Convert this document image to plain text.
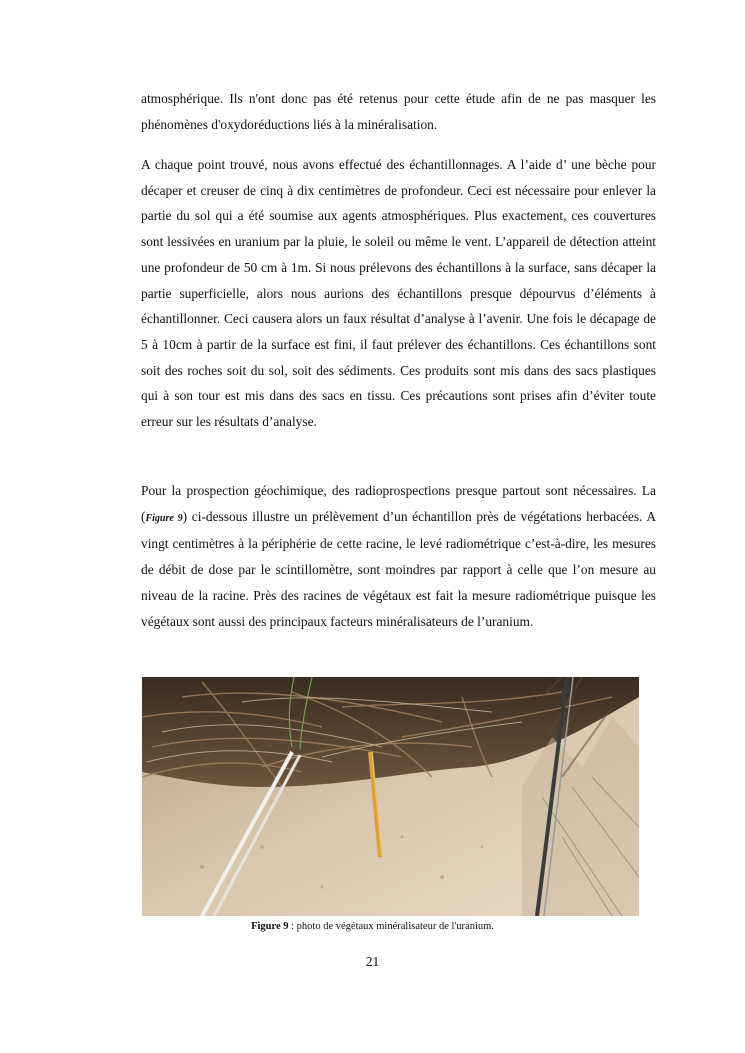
atmosphérique. Ils n'ont donc pas été retenus pour cette étude afin de ne pas masquer les phénomènes d'oxydoréductions liés à la minéralisation.

A chaque point trouvé, nous avons effectué des échantillonnages. A l’aide d’ une bèche pour décaper et creuser de cinq à dix centimètres de profondeur. Ceci est nécessaire pour enlever la partie du sol qui a été soumise aux agents atmosphériques. Plus exactement, ces couvertures sont lessivées en uranium par la pluie, le soleil ou même le vent. L’appareil de détection atteint une profondeur de 50 cm à 1m. Si nous prélevons des échantillons à la surface, sans décaper la partie superficielle, alors nous aurions des échantillons presque dépourvus d’éléments à échantillonner. Ceci causera alors un faux résultat d’analyse à l’avenir. Une fois le décapage de 5 à 10cm à partir de la surface est fini, il faut prélever des échantillons. Ces échantillons sont soit des roches soit du sol, soit des sédiments. Ces produits sont mis dans des sacs plastiques qui à son tour est mis dans des sacs en tissu. Ces précautions sont prises afin d’éviter toute erreur sur les résultats d’analyse.

Pour la prospection géochimique, des radioprospections presque partout sont nécessaires. La (Figure 9) ci-dessous illustre un prélèvement d’un échantillon près de végétations herbacées. A vingt centimètres à la périphérie de cette racine, le levé radiométrique c’est-à-dire, les mesures de débit de dose par le scintillomètre, sont moindres par rapport à celle que l’on mesure au niveau de la racine. Près des racines de végétaux est fait la mesure radiométrique puisque les végétaux sont aussi des principaux facteurs minéralisateurs de l’uranium.

Figure 9 : photo de végétaux minéralisateur de l'uranium.
21
